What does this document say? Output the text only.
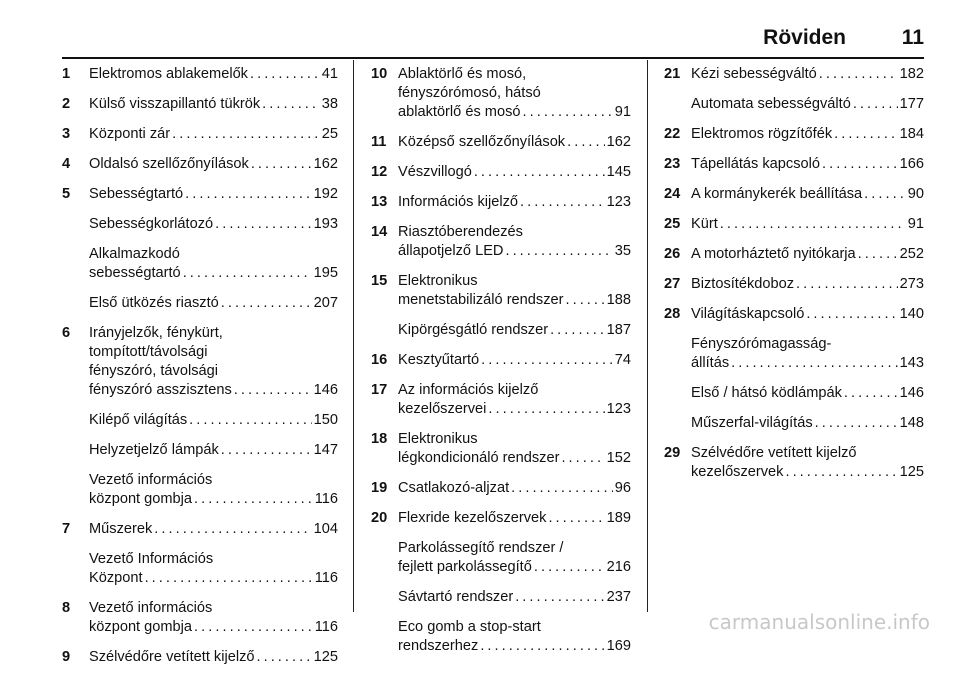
Röviden	11
1 Elektromos ablakemelők . . .	41
2 Külső visszapillantó tükrök . . .	38
3 Központi zár . . .	25
4 Oldalsó szellőzőnyílások . . .	162
5 Sebességtartó . . .	192
Sebességkorlátozó . . .	193
Alkalmazkodó
sebességtartó . . .	195
Első ütközés riasztó . . .	207
6 Irányjelzők, fénykürt,
tompított/távolsági
fényszóró, távolsági
fényszóró asszisztens . . .	146
Kilépő világítás . . .	150
Helyzetjelző lámpák . . .	147
Vezető információs
központ gombja . . .	116
7 Műszerek . . .	104
Vezető Információs
Központ . . .	116
8 Vezető információs
központ gombja . . .	116
9 Szélvédőre vetített kijelző . . .	125
10 Ablaktörlő és mosó,
fényszórómosó, hátsó
ablaktörlő és mosó . . .	91
11 Középső szellőzőnyílások . . .	162
12 Vészvillogó . . .	145
13 Információs kijelző . . .	123
14 Riasztóberendezés
állapotjelző LED . . .	35
15 Elektronikus
menetstabilizáló rendszer . . .	188
Kipörgésgátló rendszer . . .	187
16 Kesztyűtartó . . .	74
17 Az információs kijelző
kezelőszervei . . .	123
18 Elektronikus
légkondicionáló rendszer . . .	152
19 Csatlakozó-aljzat . . .	96
20 Flexride kezelőszervek . . .	189
Parkolássegítő rendszer /
fejlett parkolássegítő . . .	216
Sávtartó rendszer . . .	237
Eco gomb a stop-start
rendszerhez . . .	169
21 Kézi sebességváltó . . .	182
Automata sebességváltó . . .	177
22 Elektromos rögzítőfék . . .	184
23 Tápellátás kapcsoló . . .	166
24 A kormánykerék beállítása . . .	90
25 Kürt . . .	91
26 A motorháztető nyitókarja . . .	252
27 Biztosítékdoboz . . .	273
28 Világításkapcsoló . . .	140
Fényszórómagasság-
állítás . . .	143
Első / hátsó ködlámpák . . .	146
Műszerfal-világítás . . .	148
29 Szélvédőre vetített kijelző
kezelőszervek . . .	125
carmanualsonline.info
